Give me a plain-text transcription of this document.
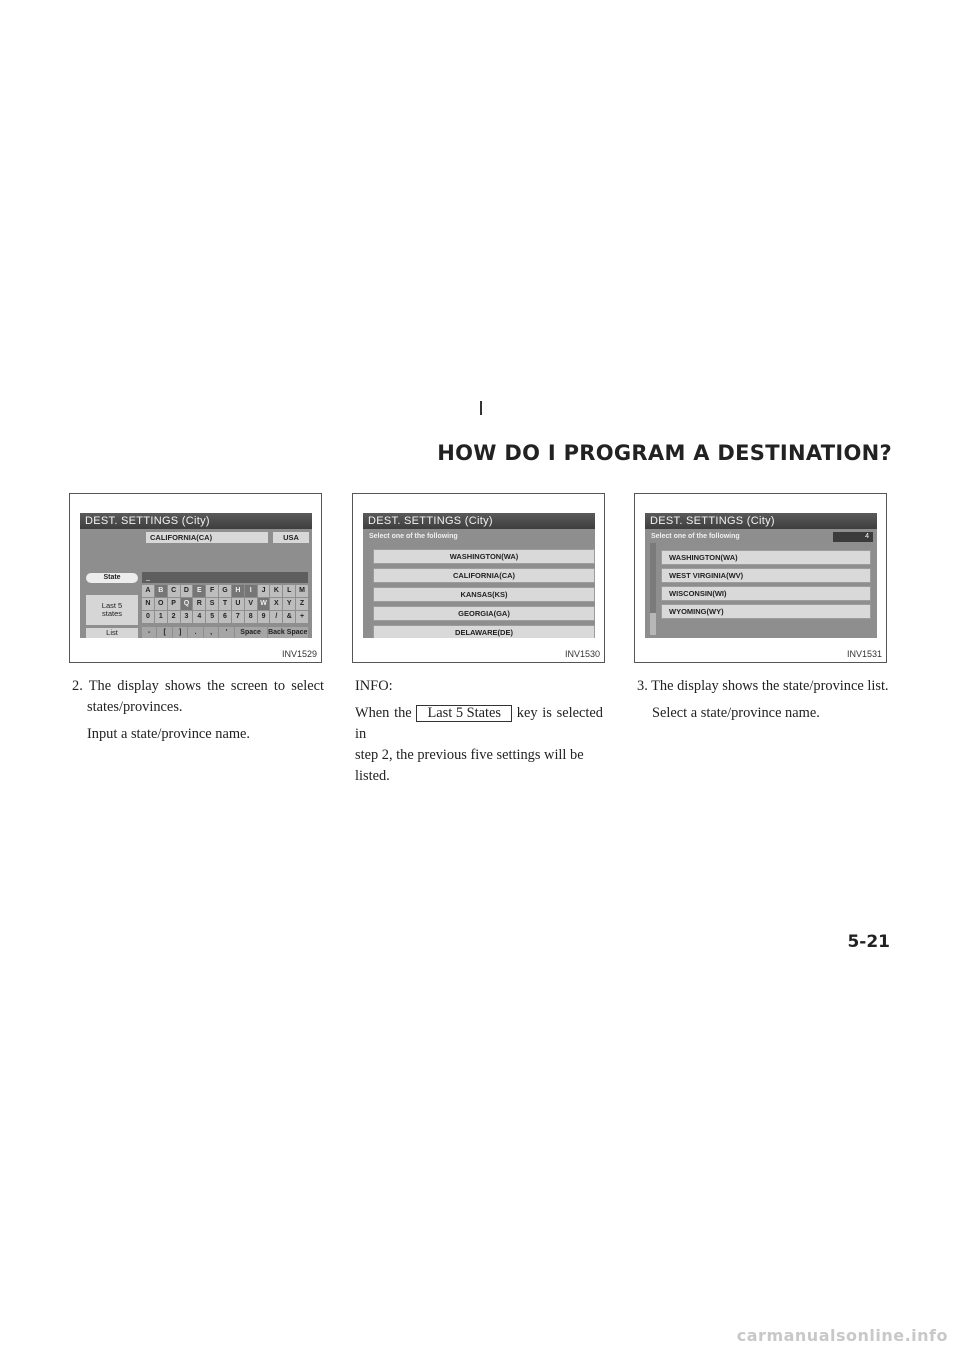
HOW DO I PROGRAM A DESTINATION?
DEST. SETTINGS (City)
CALIFORNIA(CA)	USA
State	_
Last 5 states
List
A	B	C	D	E	F	G	H	I	J	K	L	M
N	O	P	Q	R	S	T	U	V	W	X	Y	Z
0	1	2	3	4	5	6	7	8	9	/	&	+
-	[	]	.	,	'	Space	Back Space
INV1529
DEST. SETTINGS (City)
Select one of the following
WASHINGTON(WA)
CALIFORNIA(CA)
KANSAS(KS)
GEORGIA(GA)
DELAWARE(DE)
INV1530
DEST. SETTINGS (City)
Select one of the following	4
WASHINGTON(WA)
WEST VIRGINIA(WV)
WISCONSIN(WI)
WYOMING(WY)
INV1531

2. The display shows the screen to select states/provinces.

Input a state/province name.

INFO:

When the Last 5 States key is selected in

step 2, the previous five settings will be listed.

3. The display shows the state/province list.

Select a state/province name.

5-21
carmanualsonline.info
